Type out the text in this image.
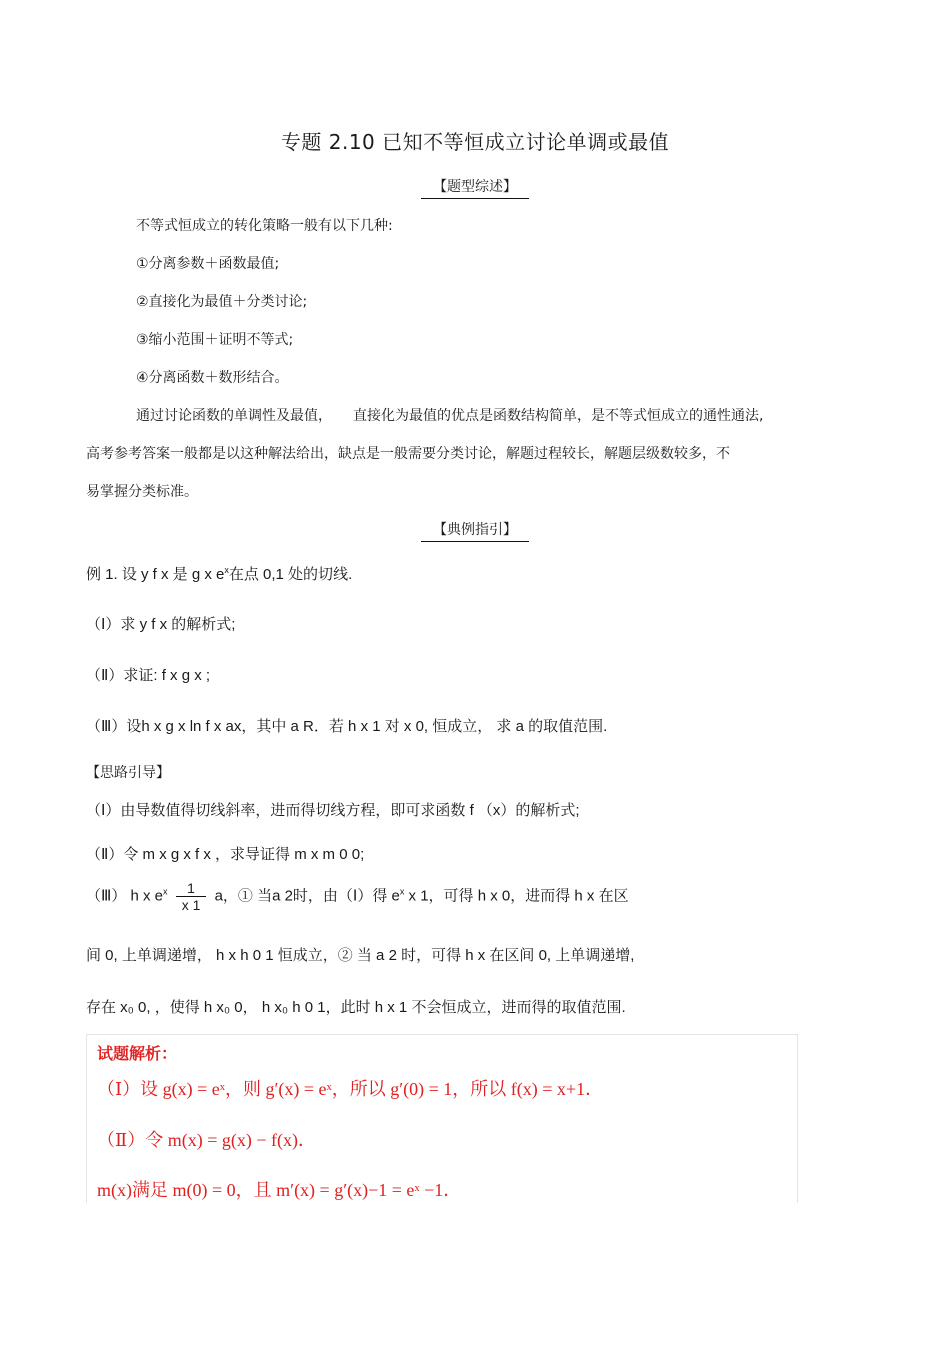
专题 2.10 已知不等恒成立讨论单调或最值
【题型综述】
不等式恒成立的转化策略一般有以下几种:
①分离参数＋函数最值;
②直接化为最值＋分类讨论;
③缩小范围＋证明不等式;
④分离函数＋数形结合。
通过讨论函数的单调性及最值，　　直接化为最值的优点是函数结构简单，是不等式恒成立的通性通法,
高考参考答案一般都是以这种解法给出，缺点是一般需要分类讨论，解题过程较长，解题层级数较多，不
易掌握分类标准。
【典例指引】
例 1. 设 y f x 是 g x $e^x$在点 0,1 处的切线.
（Ⅰ）求 y f x 的解析式;
（Ⅱ）求证: f x g x ;
（Ⅲ）设h x g x ln f x ax，其中 a R．若 h x 1 对 x 0, 恒成立， 求 a 的取值范围.
【思路引导】
（Ⅰ）由导数值得切线斜率，进而得切线方程，即可求函数 f （x）的解析式;
（Ⅱ）令 m x g x f x ，求导证得 m x m 0 0;
（Ⅲ） h x $e^x \frac{1}{x 1}$ a，① 当a 2时，由（Ⅰ）得 $e^x$ x 1，可得 h x 0，进而得 h x 在区
间 0, 上单调递增， h x h 0 1 恒成立，② 当 a 2 时，可得 h x 在区间 0, 上单调递增,
存在 x₀ 0, ，使得 h x₀ 0， h x₀ h 0 1，此时 h x 1 不会恒成立，进而得的取值范围.
试题解析：
（Ⅰ）设 g(x) = eˣ，则 g′(x) = eˣ，所以 g′(0) = 1，所以 f(x) = x+1．
（Ⅱ）令 m(x) = g(x) − f(x)．
m(x)满足 m(0) = 0，且 m′(x) = g′(x)−1 = eˣ −1．
